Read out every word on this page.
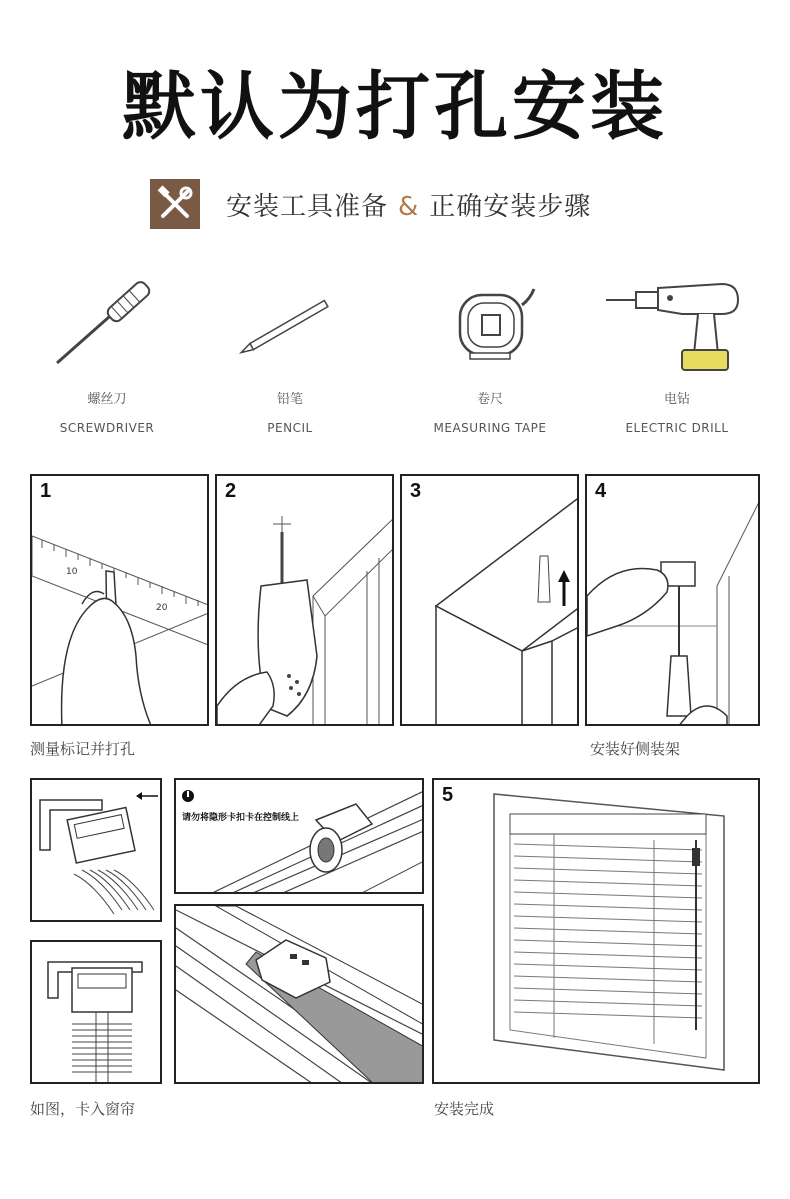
默认为打孔安装
安装工具准备 & 正确安装步骤
螺丝刀
SCREWDRIVER
铅笔
PENCIL
卷尺
MEASURING TAPE
电钻
ELECTRIC DRILL
10
20
1	2	3	4
测量标记并打孔	安装好侧装架
请勿将隐形卡扣卡在控制线上
5
如图，卡入窗帘	安装完成
